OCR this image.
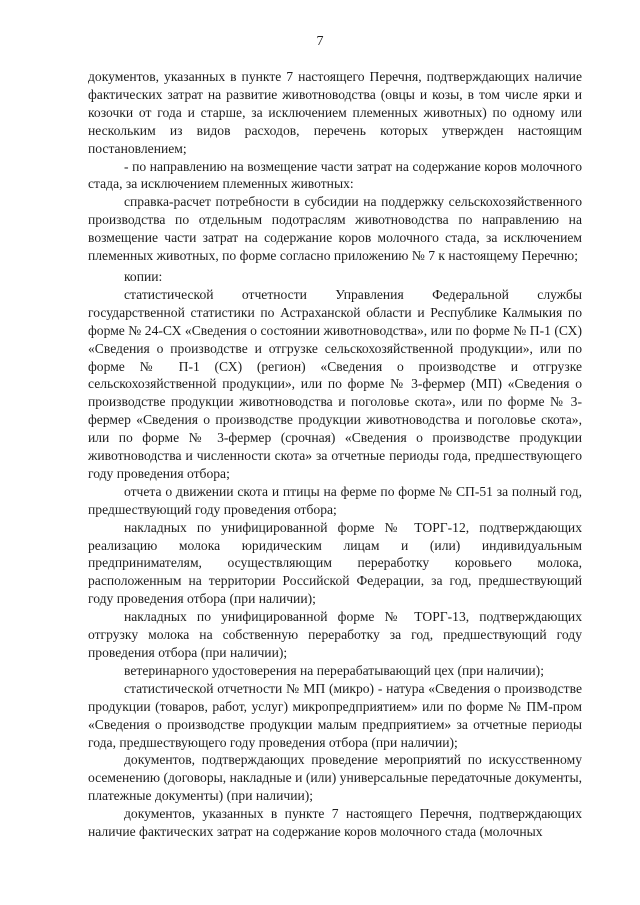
7

документов, указанных в пункте 7 настоящего Перечня, подтверждающих наличие фактических затрат на развитие животноводства (овцы и козы, в том числе ярки и козочки от года и старше, за исключением племенных животных) по одному или нескольким из видов расходов, перечень которых утвержден настоящим постановлением;

- по направлению на возмещение части затрат на содержание коров молочного стада, за исключением племенных животных:

справка-расчет потребности в субсидии на поддержку сельскохозяйственного производства по отдельным подотраслям животноводства по направлению на возмещение части затрат на содержание коров молочного стада, за исключением племенных животных, по форме согласно приложению № 7 к настоящему Перечню;

копии:

статистической отчетности Управления Федеральной службы государственной статистики по Астраханской области и Республике Калмыкия по форме № 24-СХ «Сведения о состоянии животноводства», или по форме № П-1 (СХ) «Сведения о производстве и отгрузке сельскохозяйственной продукции», или по форме № П-1 (СХ) (регион) «Сведения о производстве и отгрузке сельскохозяйственной продукции», или по форме № 3-фермер (МП) «Сведения о производстве продукции животноводства и поголовье скота», или по форме № 3-фермер «Сведения о производстве продукции животноводства и поголовье скота», или по форме № 3-фермер (срочная) «Сведения о производстве продукции животноводства и численности скота» за отчетные периоды года, предшествующего году проведения отбора;

отчета о движении скота и птицы на ферме по форме № СП-51 за полный год, предшествующий году проведения отбора;

накладных по унифицированной форме № ТОРГ-12, подтверждающих реализацию молока юридическим лицам и (или) индивидуальным предпринимателям, осуществляющим переработку коровьего молока, расположенным на территории Российской Федерации, за год, предшествующий году проведения отбора (при наличии);

накладных по унифицированной форме № ТОРГ-13, подтверждающих отгрузку молока на собственную переработку за год, предшествующий году проведения отбора (при наличии);

ветеринарного удостоверения на перерабатывающий цех (при наличии);

статистической отчетности № МП (микро) - натура «Сведения о производстве продукции (товаров, работ, услуг) микропредприятием» или по форме № ПМ-пром «Сведения о производстве продукции малым предприятием» за отчетные периоды года, предшествующего году проведения отбора (при наличии);

документов, подтверждающих проведение мероприятий по искусственному осеменению (договоры, накладные и (или) универсальные передаточные документы, платежные документы) (при наличии);

документов, указанных в пункте 7 настоящего Перечня, подтверждающих наличие фактических затрат на содержание коров молочного стада (молочных
